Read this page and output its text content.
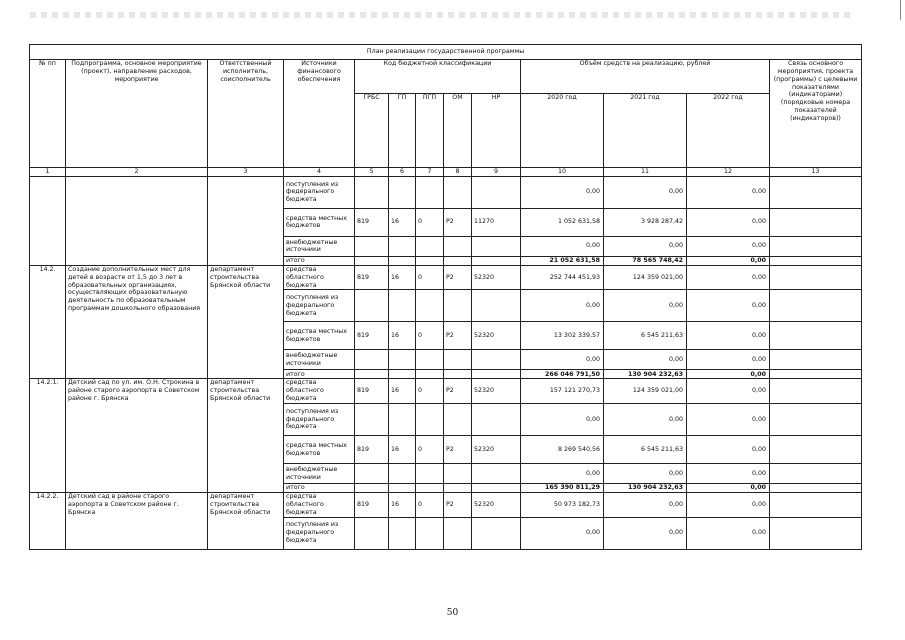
План реализации государственной программы												
№ пп	Подпрограмма, основное мероприятие (проект), направление расходов, мероприятие	Ответственный исполнитель, соисполнитель	Источники финансового обеспечения	Код бюджетной классификации					Объём средств на реализацию, рублей			Связь основного мероприятия, проекта (программы) с целевыми показателями (индикаторами) (порядковые номера показателей (индикаторов))
				ГРБС	ГП	ПГП	ОМ	НР	2020 год	2021 год	2022 год	
1	2	3	4	5	6	7	8	9	10	11	12	13
			поступления из федерального бюджета						0,00	0,00	0,00	
			средства местных бюджетов	819	16	0	P2	11270	1 052 631,58	3 928 287,42	0,00	
			внебюджетные источники						0,00	0,00	0,00	
			итого						21 052 631,58	78 565 748,42	0,00	
14.2.	Создание дополнительных мест для детей в возрасте от 1,5 до 3 лет в образовательных организациях, осуществляющих образовательную деятельность по образовательным программам дошкольного образования	департамент строительства Брянской области	средства областного бюджета	819	16	0	P2	52320	252 744 451,93	124 359 021,00	0,00	
			поступления из федерального бюджета						0,00	0,00	0,00	
			средства местных бюджетов	819	16	0	P2	52320	13 302 339,57	6 545 211,63	0,00	
			внебюджетные источники						0,00	0,00	0,00	
			итого						266 046 791,50	130 904 232,63	0,00	
14.2.1.	Детский сад по ул. им. О.Н. Строкина в районе старого аэропорта в Советском районе г. Брянска	департамент строительства Брянской области	средства областного бюджета	819	16	0	P2	52320	157 121 270,73	124 359 021,00	0,00	
			поступления из федерального бюджета						0,00	0,00	0,00	
			средства местных бюджетов	819	16	0	P2	52320	8 269 540,56	6 545 211,63	0,00	
			внебюджетные источники						0,00	0,00	0,00	
			итого						165 390 811,29	130 904 232,63	0,00	
14.2.2.	Детский сад в районе старого аэропорта в Советском районе г. Брянска	департамент строительства Брянской области	средства областного бюджета	819	16	0	P2	52320	50 973 182,73	0,00	0,00	
			поступления из федерального бюджета						0,00	0,00	0,00	
50
